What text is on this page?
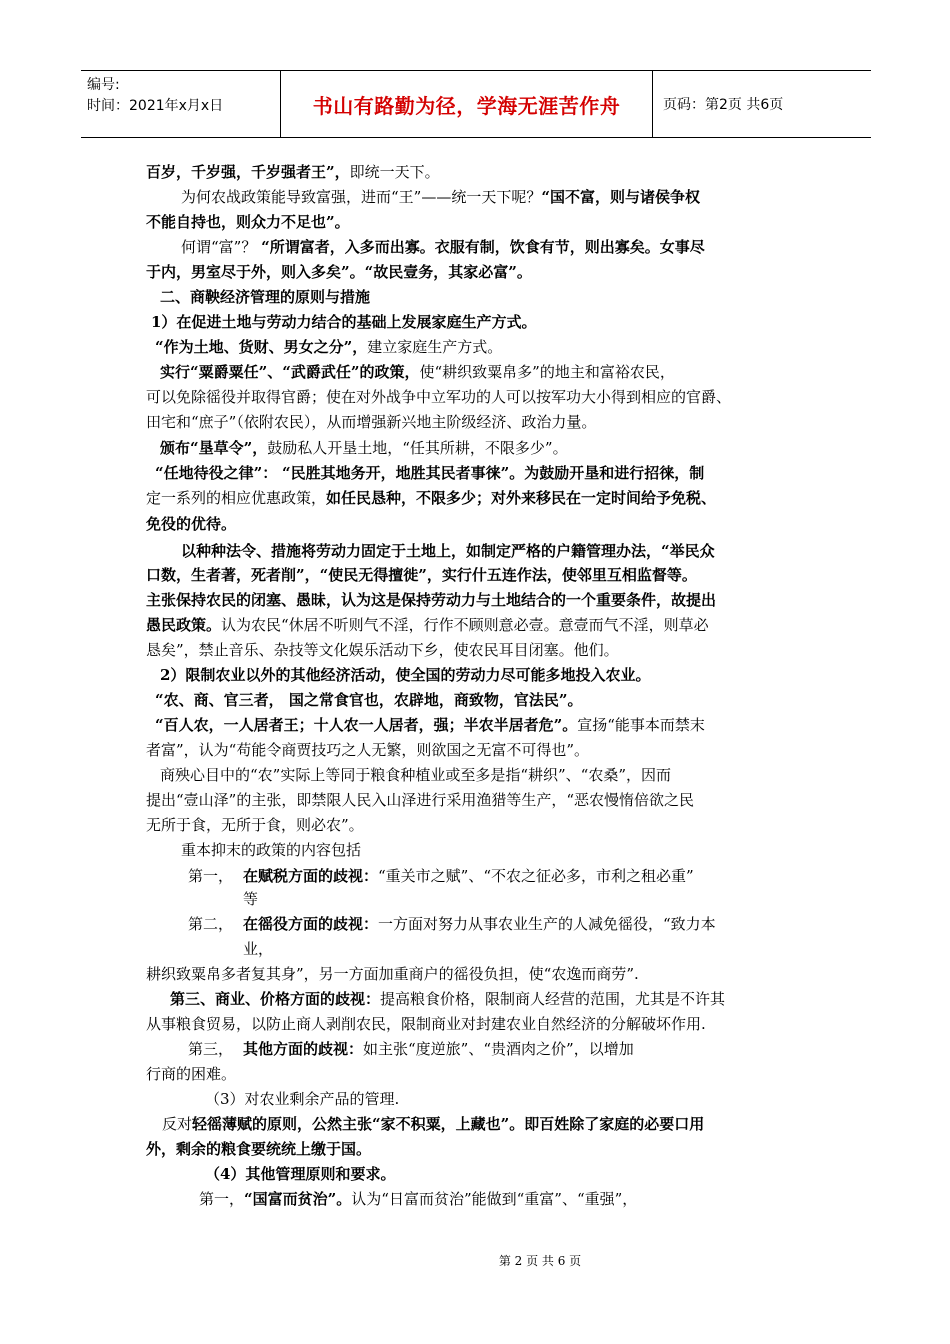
编号:
时间：2021年x月x日	书山有路勤为径，学海无涯苦作舟	页码：第2页 共6页
百岁，千岁强，千岁强者王”，即统一天下。
为何农战政策能导致富强，进而“王”——统一天下呢？“国不富，则与诸侯争权
不能自持也，则众力不足也”。
何谓“富”？ “所谓富者，入多而出寡。衣服有制，饮食有节，则出寡矣。女事尽
于内，男室尽于外，则入多矣”。“故民壹务，其家必富”。
二、商鞅经济管理的原则与措施
1）在促进土地与劳动力结合的基础上发展家庭生产方式。
“作为土地、货财、男女之分”，建立家庭生产方式。
实行“粟爵粟任”、“武爵武任”的政策，使“耕织致粟帛多”的地主和富裕农民，
可以免除徭役并取得官爵；使在对外战争中立军功的人可以按军功大小得到相应的官爵、
田宅和“庶子”（依附农民），从而增强新兴地主阶级经济、政治力量。
颁布“垦草令”，鼓励私人开垦土地，“任其所耕，不限多少”。
“任地待役之律”： “民胜其地务开，地胜其民者事徕”。为鼓励开垦和进行招徕，制
定一系列的相应优惠政策，如任民恳种，不限多少；对外来移民在一定时间给予免税、
免役的优待。
以种种法令、措施将劳动力固定于土地上，如制定严格的户籍管理办法，“举民众
口数，生者著，死者削”，“使民无得擅徙”，实行什五连作法，使邻里互相监督等。
主张保持农民的闭塞、愚昧，认为这是保持劳动力与土地结合的一个重要条件，故提出
愚民政策。认为农民“休居不听则气不淫，行作不顾则意必壹。意壹而气不淫，则草必
恳矣”，禁止音乐、杂技等文化娱乐活动下乡，使农民耳目闭塞。他们。
2）限制农业以外的其他经济活动，使全国的劳动力尽可能多地投入农业。
“农、商、官三者， 国之常食官也，农辟地，商致物，官法民”。
“百人农，一人居者王；十人农一人居者，强；半农半居者危”。宣扬“能事本而禁末
者富”，认为“苟能令商贾技巧之人无繁，则欲国之无富不可得也”。
商殃心目中的“农”实际上等同于粮食种植业或至多是指“耕织”、“农桑”，因而
提出“壹山泽”的主张，即禁限人民入山泽进行采用渔猎等生产，“恶农慢惰倍欲之民
无所于食，无所于食，则必农”。
重本抑末的政策的内容包括
第一， 在赋税方面的歧视：“重关市之赋”、“不农之征必多，市利之租必重”
等
第二， 在徭役方面的歧视：一方面对努力从事农业生产的人减免徭役，“致力本
业，
耕织致粟帛多者复其身”，另一方面加重商户的徭役负担，使“农逸而商劳”.
第三、商业、价格方面的歧视：提高粮食价格，限制商人经营的范围，尤其是不许其
从事粮食贸易，以防止商人剥削农民，限制商业对封建农业自然经济的分解破坏作用.
第三， 其他方面的歧视：如主张“度逆旅”、“贵酒肉之价”，以增加
行商的困难。
（3）对农业剩余产品的管理.
反对轻徭薄赋的原则，公然主张“家不积粟，上藏也”。即百姓除了家庭的必要口用
外，剩余的粮食要统统上缴于国。
（4）其他管理原则和要求。
第一，“国富而贫治”。认为“日富而贫治”能做到“重富”、“重强”，
第 2 页 共 6 页
